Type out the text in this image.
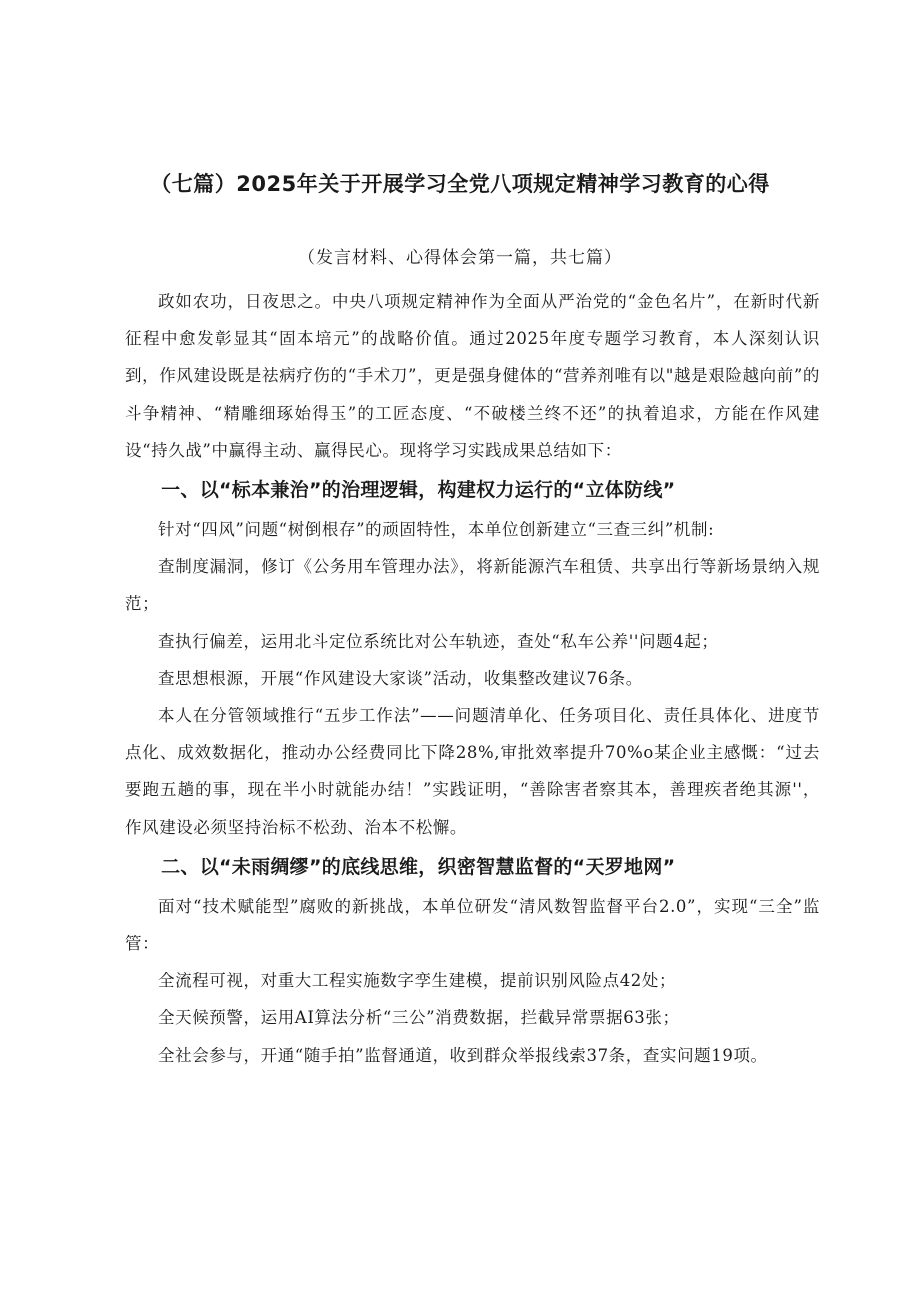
（七篇）2025年关于开展学习全党八项规定精神学习教育的心得
（发言材料、心得体会第一篇，共七篇）

政如农功，日夜思之。中央八项规定精神作为全面从严治党的“金色名片”，在新时代新征程中愈发彰显其“固本培元”的战略价值。通过2025年度专题学习教育，本人深刻认识到，作风建设既是祛病疗伤的“手术刀”，更是强身健体的“营养剂唯有以"越是艰险越向前”的斗争精神、“精雕细琢始得玉”的工匠态度、“不破楼兰终不还”的执着追求，方能在作风建设“持久战”中赢得主动、赢得民心。现将学习实践成果总结如下：

一、以“标本兼治”的治理逻辑，构建权力运行的“立体防线”

针对“四风”问题“树倒根存”的顽固特性，本单位创新建立“三查三纠”机制:

查制度漏洞，修订《公务用车管理办法》，将新能源汽车租赁、共享出行等新场景纳入规范；

查执行偏差，运用北斗定位系统比对公车轨迹，查处“私车公养''问题4起；

查思想根源，开展“作风建设大家谈”活动，收集整改建议76条。

本人在分管领域推行“五步工作法”——问题清单化、任务项目化、责任具体化、进度节点化、成效数据化，推动办公经费同比下降28%,审批效率提升70%o某企业主感慨：“过去要跑五趟的事，现在半小时就能办结！”实践证明，“善除害者察其本，善理疾者绝其源''，作风建设必须坚持治标不松劲、治本不松懈。

二、以“未雨绸缪”的底线思维，织密智慧监督的“天罗地网”

面对“技术赋能型”腐败的新挑战，本单位研发“清风数智监督平台2.0”，实现“三全”监管：

全流程可视，对重大工程实施数字孪生建模，提前识别风险点42处；

全天候预警，运用AI算法分析“三公”消费数据，拦截异常票据63张；

全社会参与，开通“随手拍”监督通道，收到群众举报线索37条，查实问题19项。
